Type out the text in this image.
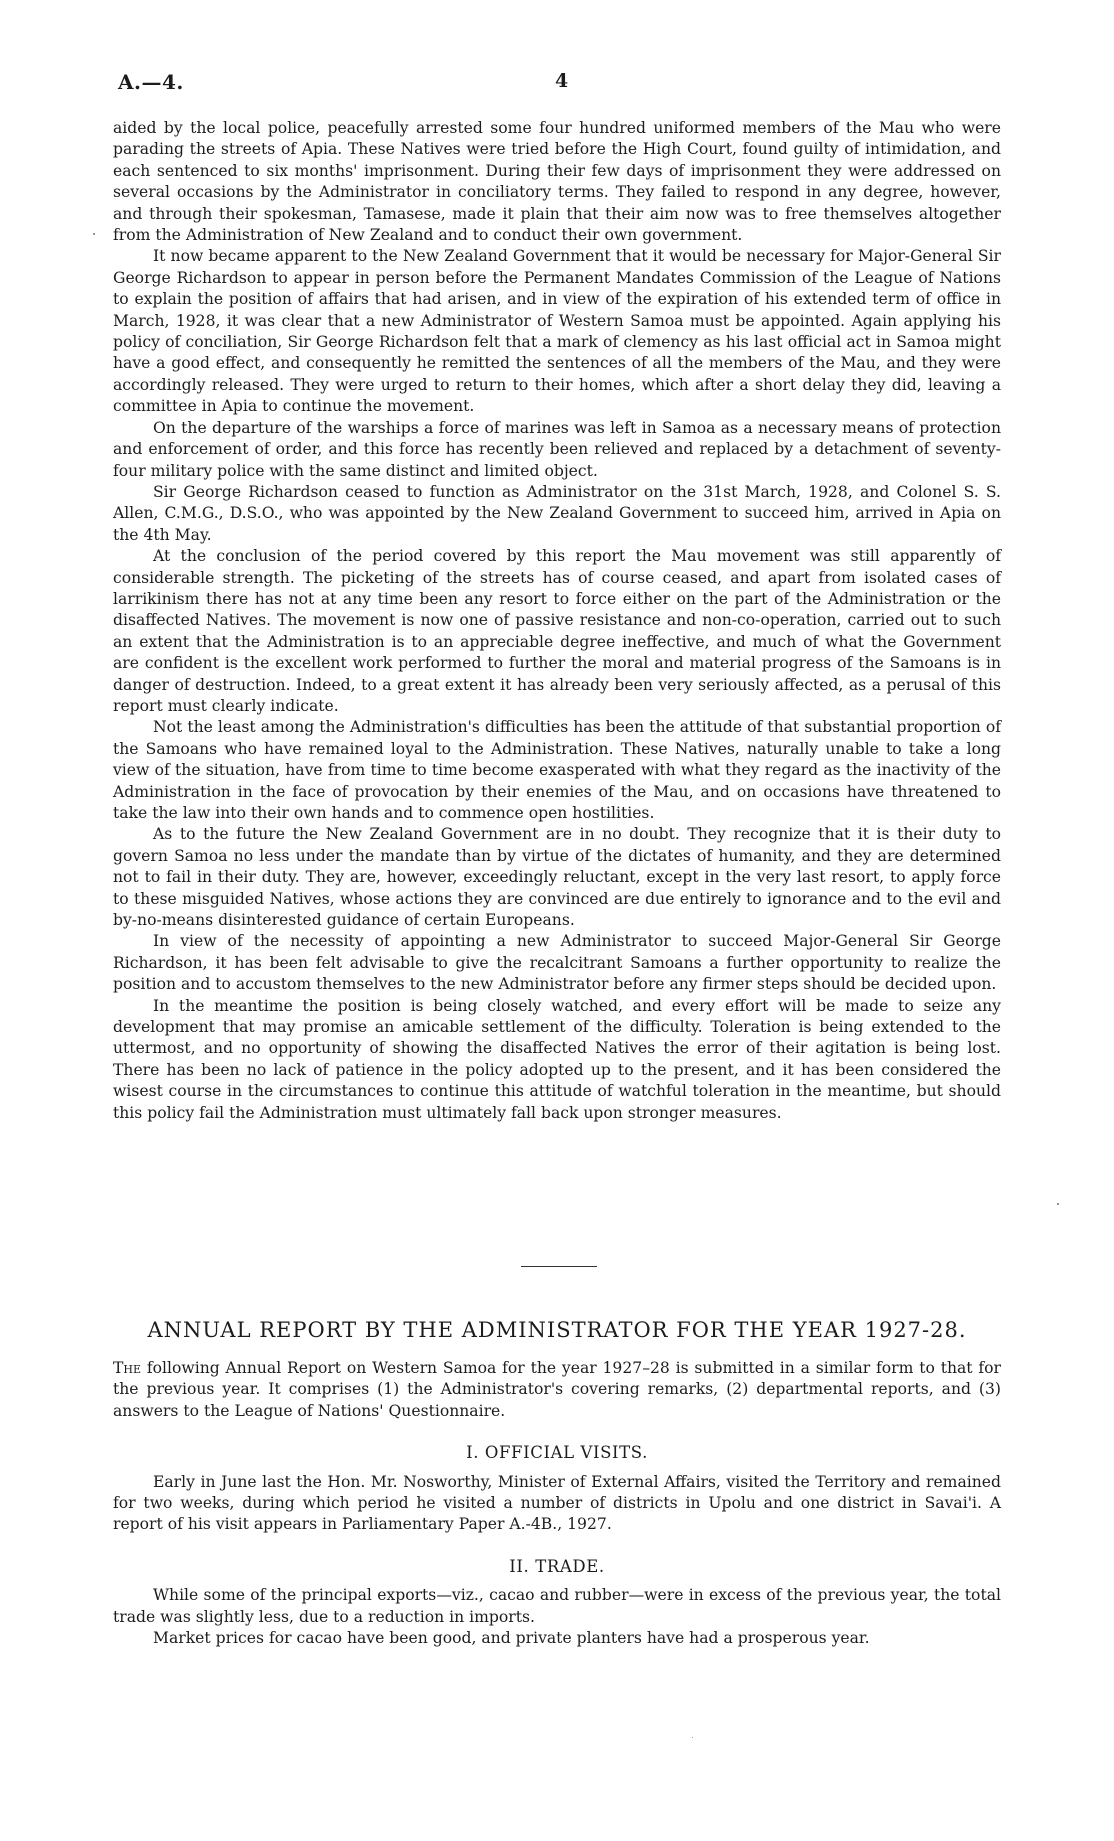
A.—4.	4

aided by the local police, peacefully arrested some four hundred uniformed members of the Mau who were parading the streets of Apia. These Natives were tried before the High Court, found guilty of intimidation, and each sentenced to six months' imprisonment. During their few days of imprisonment they were addressed on several occasions by the Administrator in conciliatory terms. They failed to respond in any degree, however, and through their spokesman, Tamasese, made it plain that their aim now was to free themselves altogether from the Administration of New Zealand and to conduct their own government.

It now became apparent to the New Zealand Government that it would be necessary for Major-General Sir George Richardson to appear in person before the Permanent Mandates Commission of the League of Nations to explain the position of affairs that had arisen, and in view of the expiration of his extended term of office in March, 1928, it was clear that a new Administrator of Western Samoa must be appointed. Again applying his policy of conciliation, Sir George Richardson felt that a mark of clemency as his last official act in Samoa might have a good effect, and consequently he remitted the sentences of all the members of the Mau, and they were accordingly released. They were urged to return to their homes, which after a short delay they did, leaving a committee in Apia to continue the movement.

On the departure of the warships a force of marines was left in Samoa as a necessary means of protection and enforcement of order, and this force has recently been relieved and replaced by a detachment of seventy-four military police with the same distinct and limited object.

Sir George Richardson ceased to function as Administrator on the 31st March, 1928, and Colonel S. S. Allen, C.M.G., D.S.O., who was appointed by the New Zealand Government to succeed him, arrived in Apia on the 4th May.

At the conclusion of the period covered by this report the Mau movement was still apparently of considerable strength. The picketing of the streets has of course ceased, and apart from isolated cases of larrikinism there has not at any time been any resort to force either on the part of the Administration or the disaffected Natives. The movement is now one of passive resistance and non-co-operation, carried out to such an extent that the Administration is to an appreciable degree ineffective, and much of what the Government are confident is the excellent work performed to further the moral and material progress of the Samoans is in danger of destruction. Indeed, to a great extent it has already been very seriously affected, as a perusal of this report must clearly indicate.

Not the least among the Administration's difficulties has been the attitude of that substantial proportion of the Samoans who have remained loyal to the Administration. These Natives, naturally unable to take a long view of the situation, have from time to time become exasperated with what they regard as the inactivity of the Administration in the face of provocation by their enemies of the Mau, and on occasions have threatened to take the law into their own hands and to commence open hostilities.

As to the future the New Zealand Government are in no doubt. They recognize that it is their duty to govern Samoa no less under the mandate than by virtue of the dictates of humanity, and they are determined not to fail in their duty. They are, however, exceedingly reluctant, except in the very last resort, to apply force to these misguided Natives, whose actions they are convinced are due entirely to ignorance and to the evil and by-no-means disinterested guidance of certain Europeans.

In view of the necessity of appointing a new Administrator to succeed Major-General Sir George Richardson, it has been felt advisable to give the recalcitrant Samoans a further opportunity to realize the position and to accustom themselves to the new Administrator before any firmer steps should be decided upon.

In the meantime the position is being closely watched, and every effort will be made to seize any development that may promise an amicable settlement of the difficulty. Toleration is being extended to the uttermost, and no opportunity of showing the disaffected Natives the error of their agitation is being lost. There has been no lack of patience in the policy adopted up to the present, and it has been considered the wisest course in the circumstances to continue this attitude of watchful toleration in the meantime, but should this policy fail the Administration must ultimately fall back upon stronger measures.

ANNUAL REPORT BY THE ADMINISTRATOR FOR THE YEAR 1927-28.

The following Annual Report on Western Samoa for the year 1927–28 is submitted in a similar form to that for the previous year. It comprises (1) the Administrator's covering remarks, (2) departmental reports, and (3) answers to the League of Nations' Questionnaire.

I. OFFICIAL VISITS.

Early in June last the Hon. Mr. Nosworthy, Minister of External Affairs, visited the Territory and remained for two weeks, during which period he visited a number of districts in Upolu and one district in Savai'i. A report of his visit appears in Parliamentary Paper A.-4B., 1927.

II. TRADE.

While some of the principal exports—viz., cacao and rubber—were in excess of the previous year, the total trade was slightly less, due to a reduction in imports.

Market prices for cacao have been good, and private planters have had a prosperous year.
